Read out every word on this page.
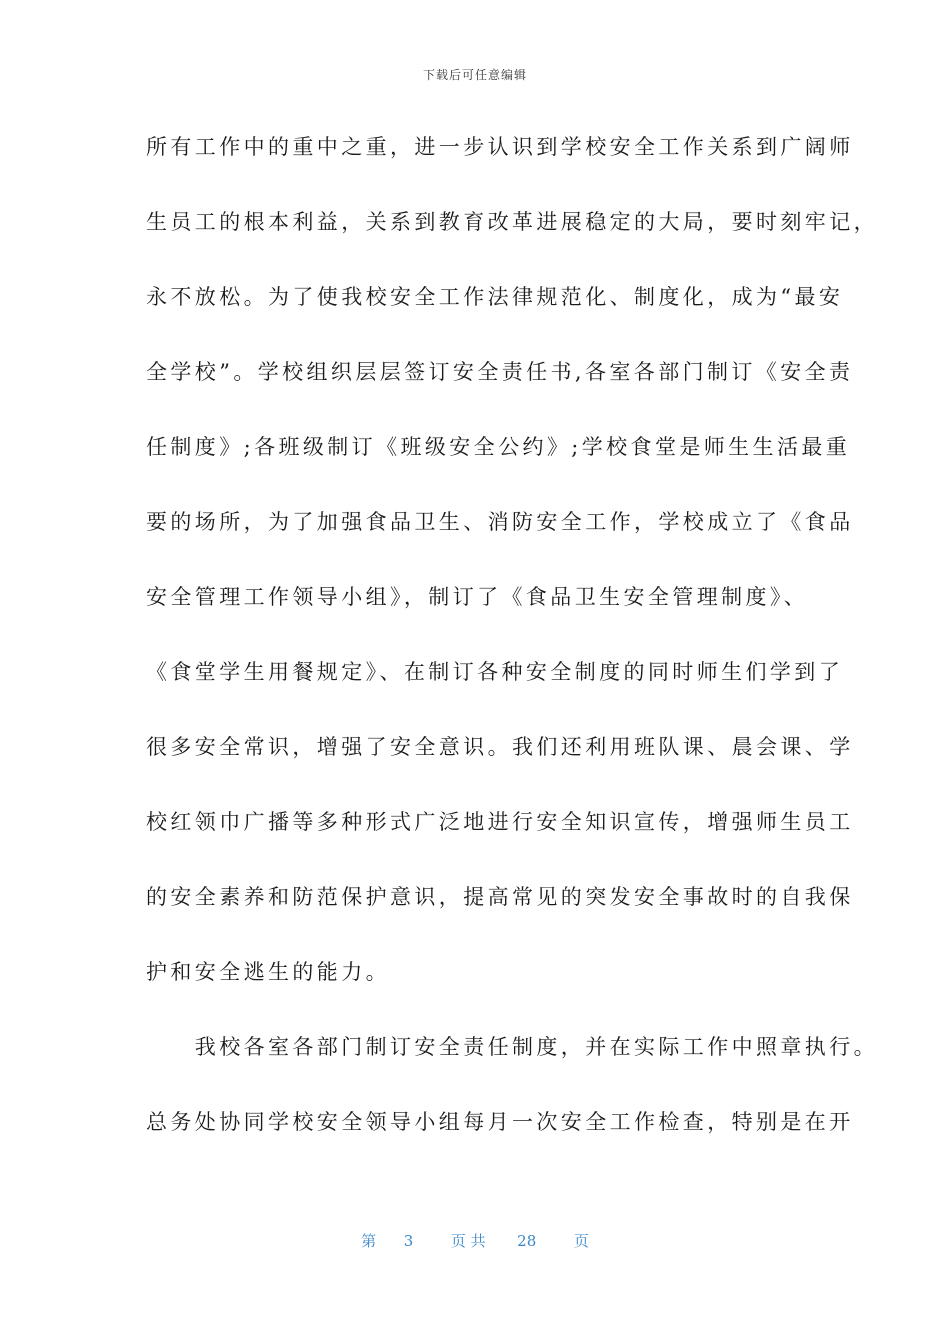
下载后可任意编辑
所有工作中的重中之重，进一步认识到学校安全工作关系到广阔师
生员工的根本利益，关系到教育改革进展稳定的大局，要时刻牢记，
永不放松。为了使我校安全工作法律规范化、制度化，成为“最安
全学校”。学校组织层层签订安全责任书,各室各部门制订《安全责
任制度》;各班级制订《班级安全公约》;学校食堂是师生生活最重
要的场所，为了加强食品卫生、消防安全工作，学校成立了《食品
安全管理工作领导小组》，制订了《食品卫生安全管理制度》、
《食堂学生用餐规定》、在制订各种安全制度的同时师生们学到了
很多安全常识，增强了安全意识。我们还利用班队课、晨会课、学
校红领巾广播等多种形式广泛地进行安全知识宣传，增强师生员工
的安全素养和防范保护意识，提高常见的突发安全事故时的自我保
护和安全逃生的能力。
　　我校各室各部门制订安全责任制度，并在实际工作中照章执行。
总务处协同学校安全领导小组每月一次安全工作检查，特别是在开
第 3	页 共 28	页
